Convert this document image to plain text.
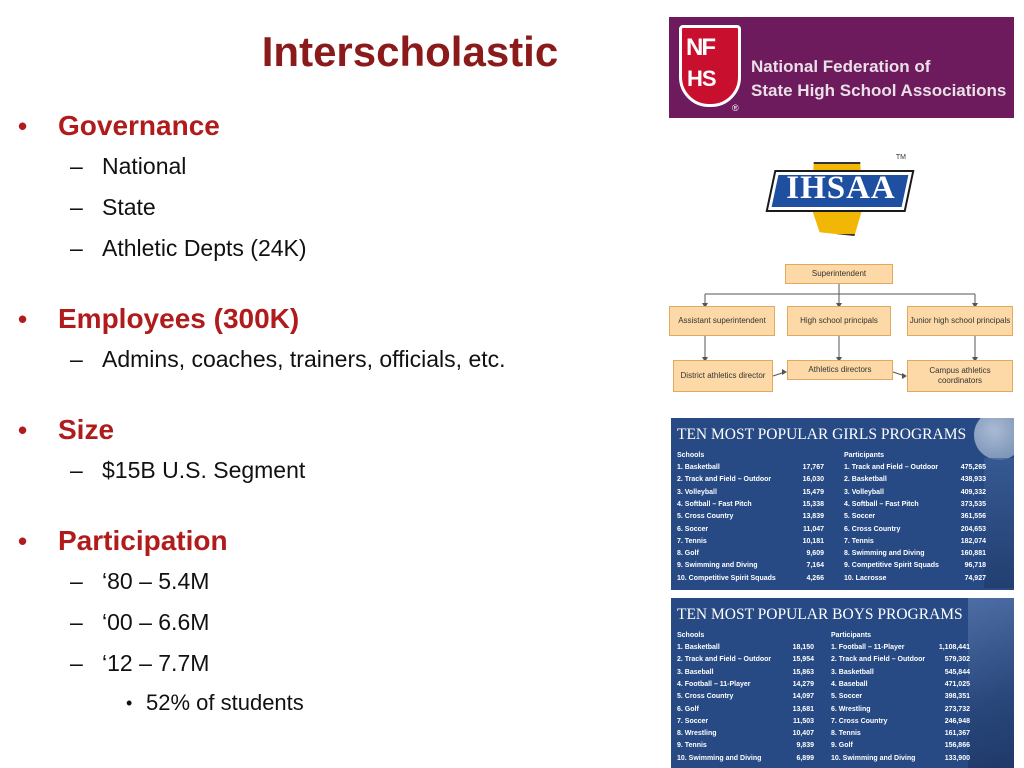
Interscholastic
• Governance
– National
– State
– Athletic Depts (24K)
• Employees (300K)
– Admins, coaches, trainers, officials, etc.
• Size
– $15B U.S. Segment
• Participation
– ‘80 – 5.4M
– ‘00 – 6.6M
– ‘12 – 7.7M
• 52% of students
NF
HS
®
National Federation of
State High School Associations
IHSAA
TM
Superintendent
Assistant superintendent	High school principals	Junior high school principals
District athletics director
Athletics directors	Campus athletics coordinators
TEN MOST POPULAR GIRLS PROGRAMS
Schools	Participants
1. Basketball	17,767	1. Track and Field – Outdoor	475,265
2. Track and Field – Outdoor	16,030	2. Basketball	438,933
3. Volleyball	15,479	3. Volleyball	409,332
4. Softball – Fast Pitch	15,338	4. Softball – Fast Pitch	373,535
5. Cross Country	13,839	5. Soccer	361,556
6. Soccer	11,047	6. Cross Country	204,653
7. Tennis	10,181	7. Tennis	182,074
8. Golf	9,609	8. Swimming and Diving	160,881
9. Swimming and Diving	7,164	9. Competitive Spirit Squads	96,718
10. Competitive Spirit Squads	4,266	10. Lacrosse	74,927
TEN MOST POPULAR BOYS PROGRAMS
Schools	Participants
1. Basketball	18,150 1. Football – 11-Player	1,108,441
2. Track and Field – Outdoor	15,954 2. Track and Field – Outdoor	579,302
3. Baseball	15,863 3. Basketball	545,844
4. Football – 11-Player	14,279 4. Baseball	471,025
5. Cross Country	14,097 5. Soccer	398,351
6. Golf	13,681 6. Wrestling	273,732
7. Soccer	11,503 7. Cross Country	246,948
8. Wrestling	10,407 8. Tennis	161,367
9. Tennis	9,839 9. Golf	156,866
10. Swimming and Diving	6,899 10. Swimming and Diving	133,900
